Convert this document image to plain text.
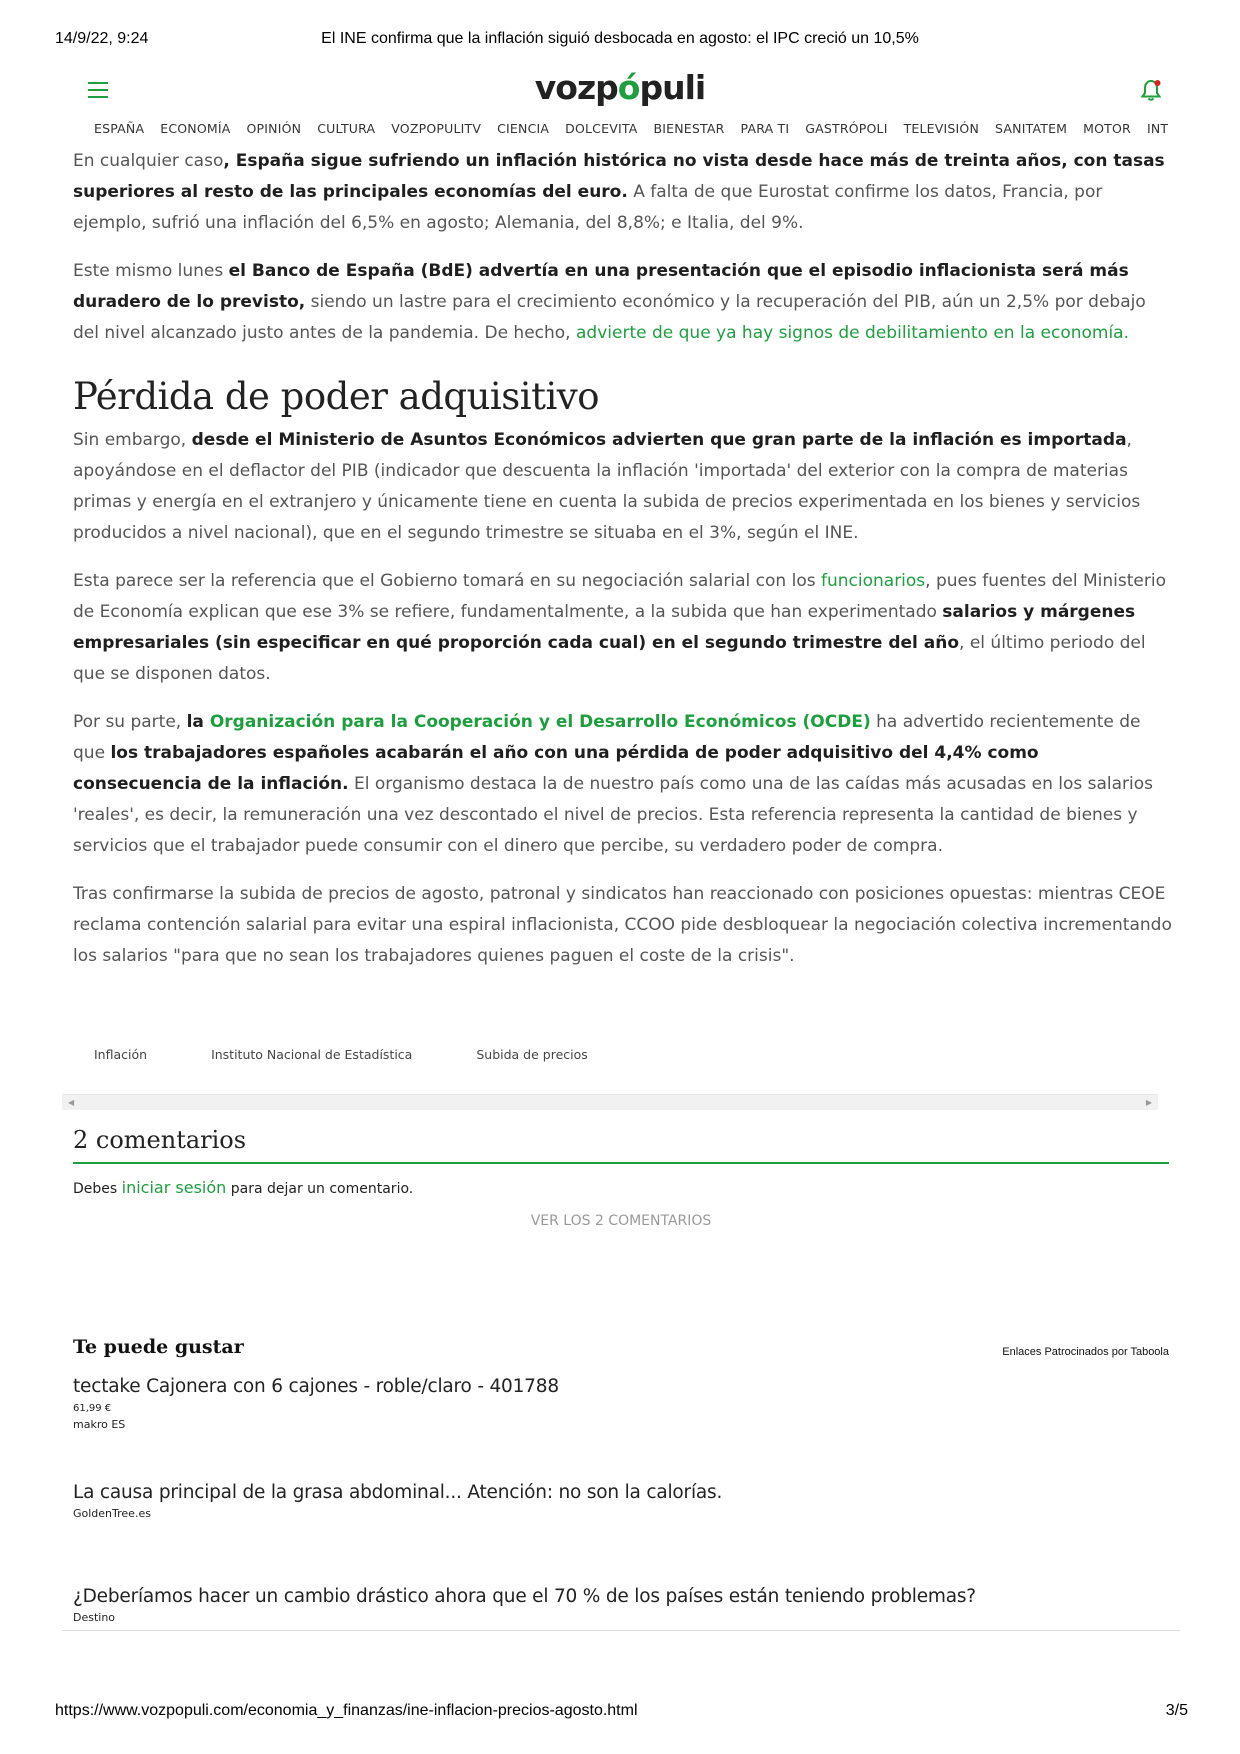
14/9/22, 9:24	El INE confirma que la inflación siguió desbocada en agosto: el IPC creció un 10,5%
vozpópuli
ESPAÑA ECONOMÍA OPINIÓN CULTURA VOZPOPULITV CIENCIA DOLCEVITA BIENESTAR PARA TI GASTRÓPOLI TELEVISIÓN SANITATEM MOTOR INT

En cualquier caso, España sigue sufriendo un inflación histórica no vista desde hace más de treinta años, con tasas superiores al resto de las principales economías del euro. A falta de que Eurostat confirme los datos, Francia, por ejemplo, sufrió una inflación del 6,5% en agosto; Alemania, del 8,8%; e Italia, del 9%.

Este mismo lunes el Banco de España (BdE) advertía en una presentación que el episodio inflacionista será más duradero de lo previsto, siendo un lastre para el crecimiento económico y la recuperación del PIB, aún un 2,5% por debajo del nivel alcanzado justo antes de la pandemia. De hecho, advierte de que ya hay signos de debilitamiento en la economía.

Pérdida de poder adquisitivo

Sin embargo, desde el Ministerio de Asuntos Económicos advierten que gran parte de la inflación es importada, apoyándose en el deflactor del PIB (indicador que descuenta la inflación 'importada' del exterior con la compra de materias primas y energía en el extranjero y únicamente tiene en cuenta la subida de precios experimentada en los bienes y servicios producidos a nivel nacional), que en el segundo trimestre se situaba en el 3%, según el INE.

Esta parece ser la referencia que el Gobierno tomará en su negociación salarial con los funcionarios, pues fuentes del Ministerio de Economía explican que ese 3% se refiere, fundamentalmente, a la subida que han experimentado salarios y márgenes empresariales (sin especificar en qué proporción cada cual) en el segundo trimestre del año, el último periodo del que se disponen datos.

Por su parte, la Organización para la Cooperación y el Desarrollo Económicos (OCDE) ha advertido recientemente de que los trabajadores españoles acabarán el año con una pérdida de poder adquisitivo del 4,4% como consecuencia de la inflación. El organismo destaca la de nuestro país como una de las caídas más acusadas en los salarios 'reales', es decir, la remuneración una vez descontado el nivel de precios. Esta referencia representa la cantidad de bienes y servicios que el trabajador puede consumir con el dinero que percibe, su verdadero poder de compra.

Tras confirmarse la subida de precios de agosto, patronal y sindicatos han reaccionado con posiciones opuestas: mientras CEOE reclama contención salarial para evitar una espiral inflacionista, CCOO pide desbloquear la negociación colectiva incrementando los salarios "para que no sean los trabajadores quienes paguen el coste de la crisis".

Inflación	Instituto Nacional de Estadística	Subida de precios
◀	▶
2 comentarios
Debes iniciar sesión para dejar un comentario.
VER LOS 2 COMENTARIOS
Te puede gustar	Enlaces Patrocinados por Taboola
tectake Cajonera con 6 cajones - roble/claro - 401788
61,99 €
makro ES
La causa principal de la grasa abdominal... Atención: no son la calorías.
GoldenTree.es
¿Deberíamos hacer un cambio drástico ahora que el 70 % de los países están teniendo problemas?
Destino
https://www.vozpopuli.com/economia_y_finanzas/ine-inflacion-precios-agosto.html	3/5
